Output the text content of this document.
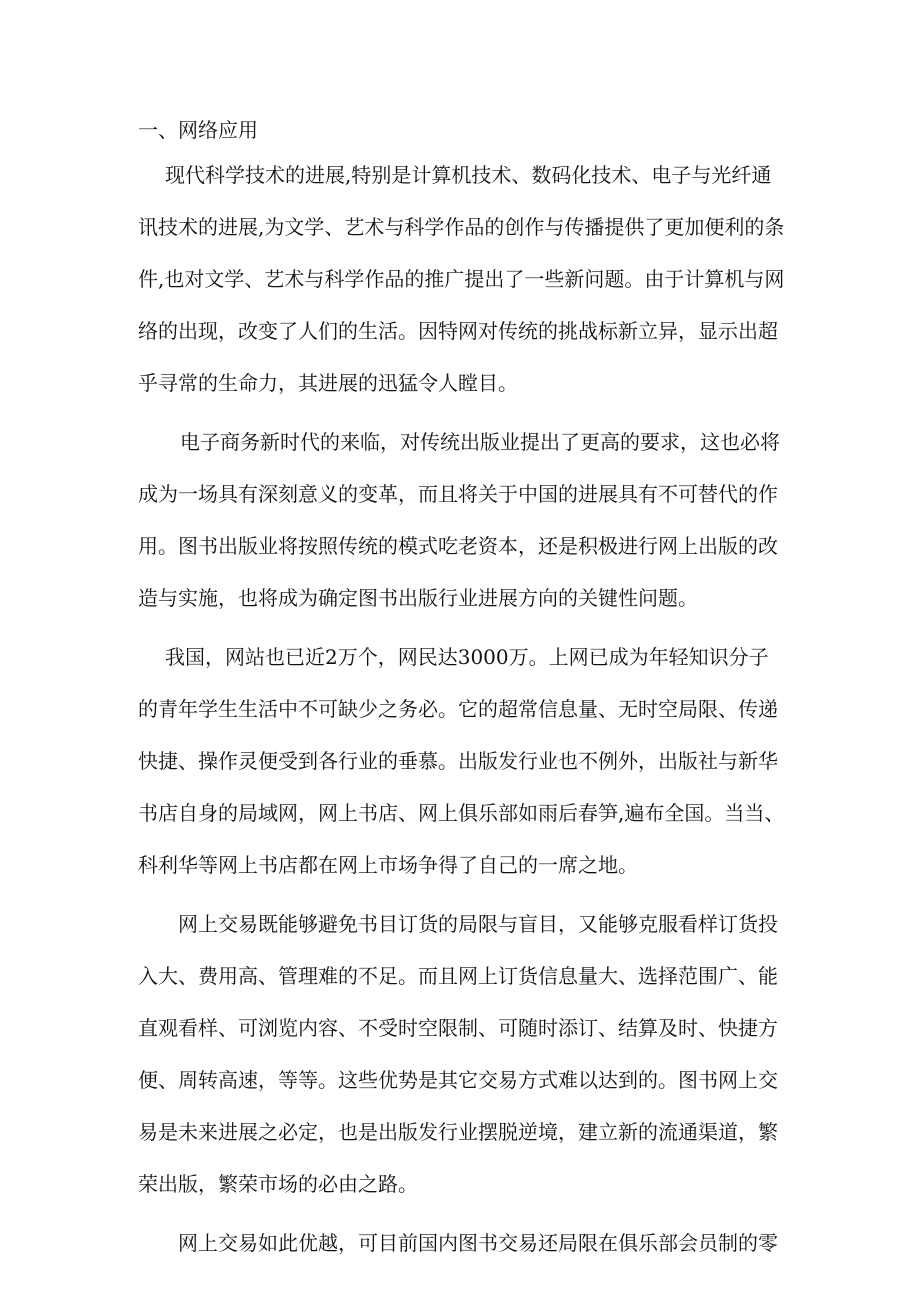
一、网络应用
现代科学技术的进展,特别是计算机技术、数码化技术、电子与光纤通
讯技术的进展,为文学、艺术与科学作品的创作与传播提供了更加便利的条
件,也对文学、艺术与科学作品的推广提出了一些新问题。由于计算机与网
络的出现，改变了人们的生活。因特网对传统的挑战标新立异，显示出超
乎寻常的生命力，其进展的迅猛令人瞠目。
电子商务新时代的来临，对传统出版业提出了更高的要求，这也必将
成为一场具有深刻意义的变革，而且将关于中国的进展具有不可替代的作
用。图书出版业将按照传统的模式吃老资本，还是积极进行网上出版的改
造与实施，也将成为确定图书出版行业进展方向的关键性问题。
我国，网站也已近2万个，网民达3000万。上网已成为年轻知识分子
的青年学生生活中不可缺少之务必。它的超常信息量、无时空局限、传递
快捷、操作灵便受到各行业的垂慕。出版发行业也不例外，出版社与新华
书店自身的局域网，网上书店、网上俱乐部如雨后春笋,遍布全国。当当、
科利华等网上书店都在网上市场争得了自己的一席之地。
网上交易既能够避免书目订货的局限与盲目，又能够克服看样订货投
入大、费用高、管理难的不足。而且网上订货信息量大、选择范围广、能
直观看样、可浏览内容、不受时空限制、可随时添订、结算及时、快捷方
便、周转高速，等等。这些优势是其它交易方式难以达到的。图书网上交
易是未来进展之必定，也是出版发行业摆脱逆境，建立新的流通渠道，繁
荣出版，繁荣市场的必由之路。
网上交易如此优越，可目前国内图书交易还局限在俱乐部会员制的零
